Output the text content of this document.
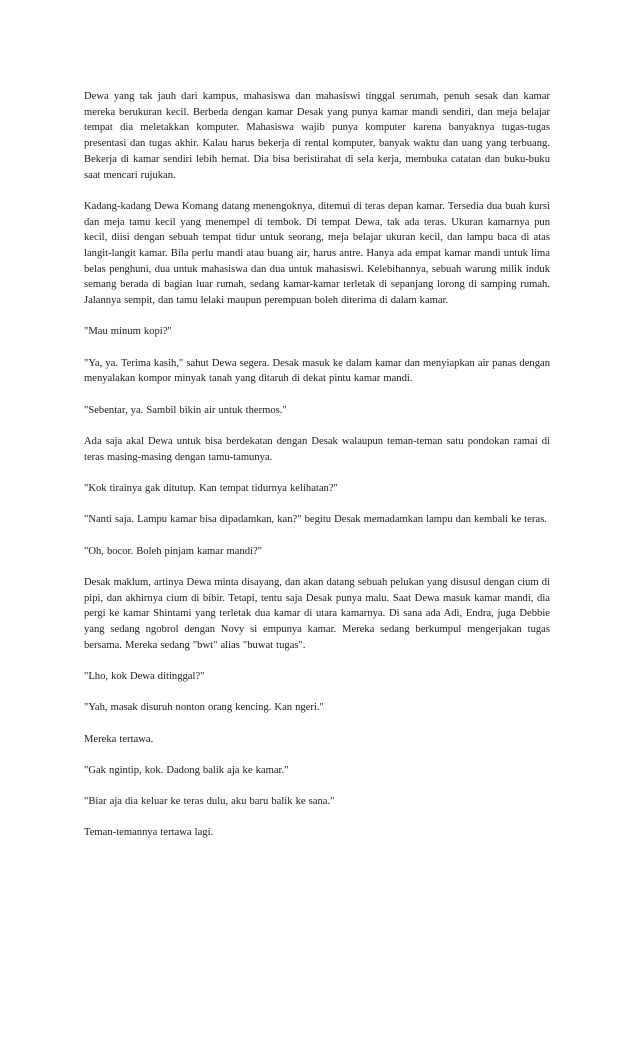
Dewa yang tak jauh dari kampus, mahasiswa dan mahasiswi tinggal serumah, penuh sesak dan kamar mereka berukuran kecil. Berbeda dengan kamar Desak yang punya kamar mandi sendiri, dan meja belajar tempat dia meletakkan komputer. Mahasiswa wajib punya komputer karena banyaknya tugas-tugas presentasi dan tugas akhir. Kalau harus bekerja di rental komputer, banyak waktu dan uang yang terbuang. Bekerja di kamar sendiri lebih hemat. Dia bisa beristirahat di sela kerja, membuka catatan dan buku-buku saat mencari rujukan.

Kadang-kadang Dewa Komang datang menengoknya, ditemui di teras depan kamar. Tersedia dua buah kursi dan meja tamu kecil yang menempel di tembok. Di tempat Dewa, tak ada teras. Ukuran kamarnya pun kecil, diisi dengan sebuah tempat tidur untuk seorang, meja belajar ukuran kecil, dan lampu baca di atas langit-langit kamar. Bila perlu mandi atau buang air, harus antre. Hanya ada empat kamar mandi untuk lima belas penghuni, dua untuk mahasiswa dan dua untuk mahasiswi. Kelebihannya, sebuah warung milik induk semang berada di bagian luar rumah, sedang kamar-kamar terletak di sepanjang lorong di samping rumah. Jalannya sempit, dan tamu lelaki maupun perempuan boleh diterima di dalam kamar.

"Mau minum kopi?"

"Ya, ya. Terima kasih," sahut Dewa segera. Desak masuk ke dalam kamar dan menyiapkan air panas dengan menyalakan kompor minyak tanah yang ditaruh di dekat pintu kamar mandi.

"Sebentar, ya. Sambil bikin air untuk thermos."

Ada saja akal Dewa untuk bisa berdekatan dengan Desak walaupun teman-teman satu pondokan ramai di teras masing-masing dengan tamu-tamunya.

"Kok tirainya gak ditutup. Kan tempat tidurnya kelihatan?"

"Nanti saja. Lampu kamar bisa dipadamkan, kan?" begitu Desak memadamkan lampu dan kembali ke teras.

"Oh, bocor. Boleh pinjam kamar mandi?"

Desak maklum, artinya Dewa minta disayang, dan akan datang sebuah pelukan yang disusul dengan cium di pipi, dan akhirnya cium di bibir. Tetapi, tentu saja Desak punya malu. Saat Dewa masuk kamar mandi, dia pergi ke kamar Shintami yang terletak dua kamar di utara kamarnya. Di sana ada Adi, Endra, juga Debbie yang sedang ngobrol dengan Novy si empunya kamar. Mereka sedang berkumpul mengerjakan tugas bersama. Mereka sedang "bwt" alias "buwat tugas".

"Lho, kok Dewa ditinggal?"

"Yah, masak disuruh nonton orang kencing. Kan ngeri."

Mereka tertawa.

"Gak ngintip, kok. Dadong balik aja ke kamar."

"Biar aja dia keluar ke teras dulu, aku baru balik ke sana."

Teman-temannya tertawa lagi.
